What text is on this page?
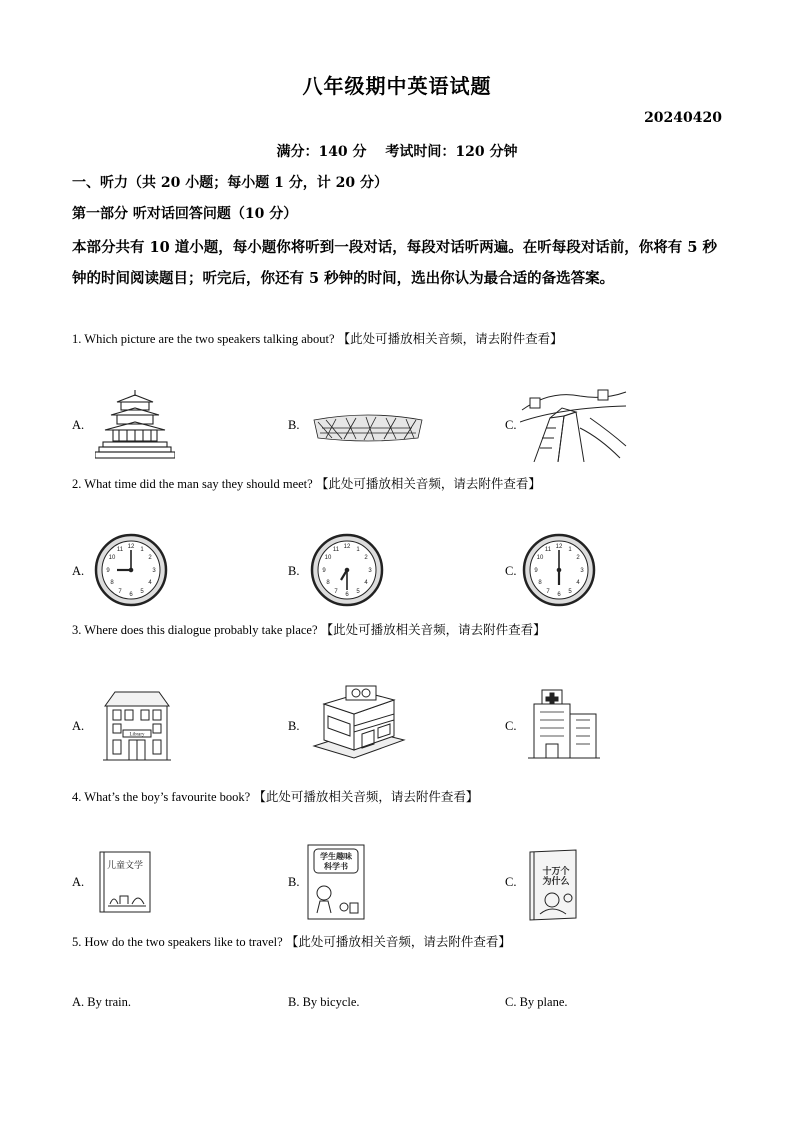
八年级期中英语试题
20240420
满分：140 分　 考试时间：120 分钟
一、听力（共 20 小题；每小题 1 分，计 20 分）
第一部分 听对话回答问题（10 分）
本部分共有 10 道小题，每小题你将听到一段对话，每段对话听两遍。在听每段对话前，你将有 5 秒钟的时间阅读题目；听完后，你还有 5 秒钟的时间，选出你认为最合适的备选答案。
1. Which picture are the two speakers talking about? 【此处可播放相关音频，请去附件查看】
A.	B.	C.
2. What time did the man say they should meet? 【此处可播放相关音频，请去附件查看】
A.	B.	C.
12 1
2
3
4
5
6
7
8
9
10
11	12 1
2
3
4
5
6
7
8
9
10
11	12 1
2
3
4
5
6
7
8
9
10
11
3. Where does this dialogue probably take place? 【此处可播放相关音频，请去附件查看】
A.	B.	C.
Library
4. What’s the boy’s favourite book? 【此处可播放相关音频，请去附件查看】
A.	B.	C.
儿童文学
学生趣味
科学书
十万个
为什么
5. How do the two speakers like to travel? 【此处可播放相关音频，请去附件查看】
A. By train.	B. By bicycle.	C. By plane.
